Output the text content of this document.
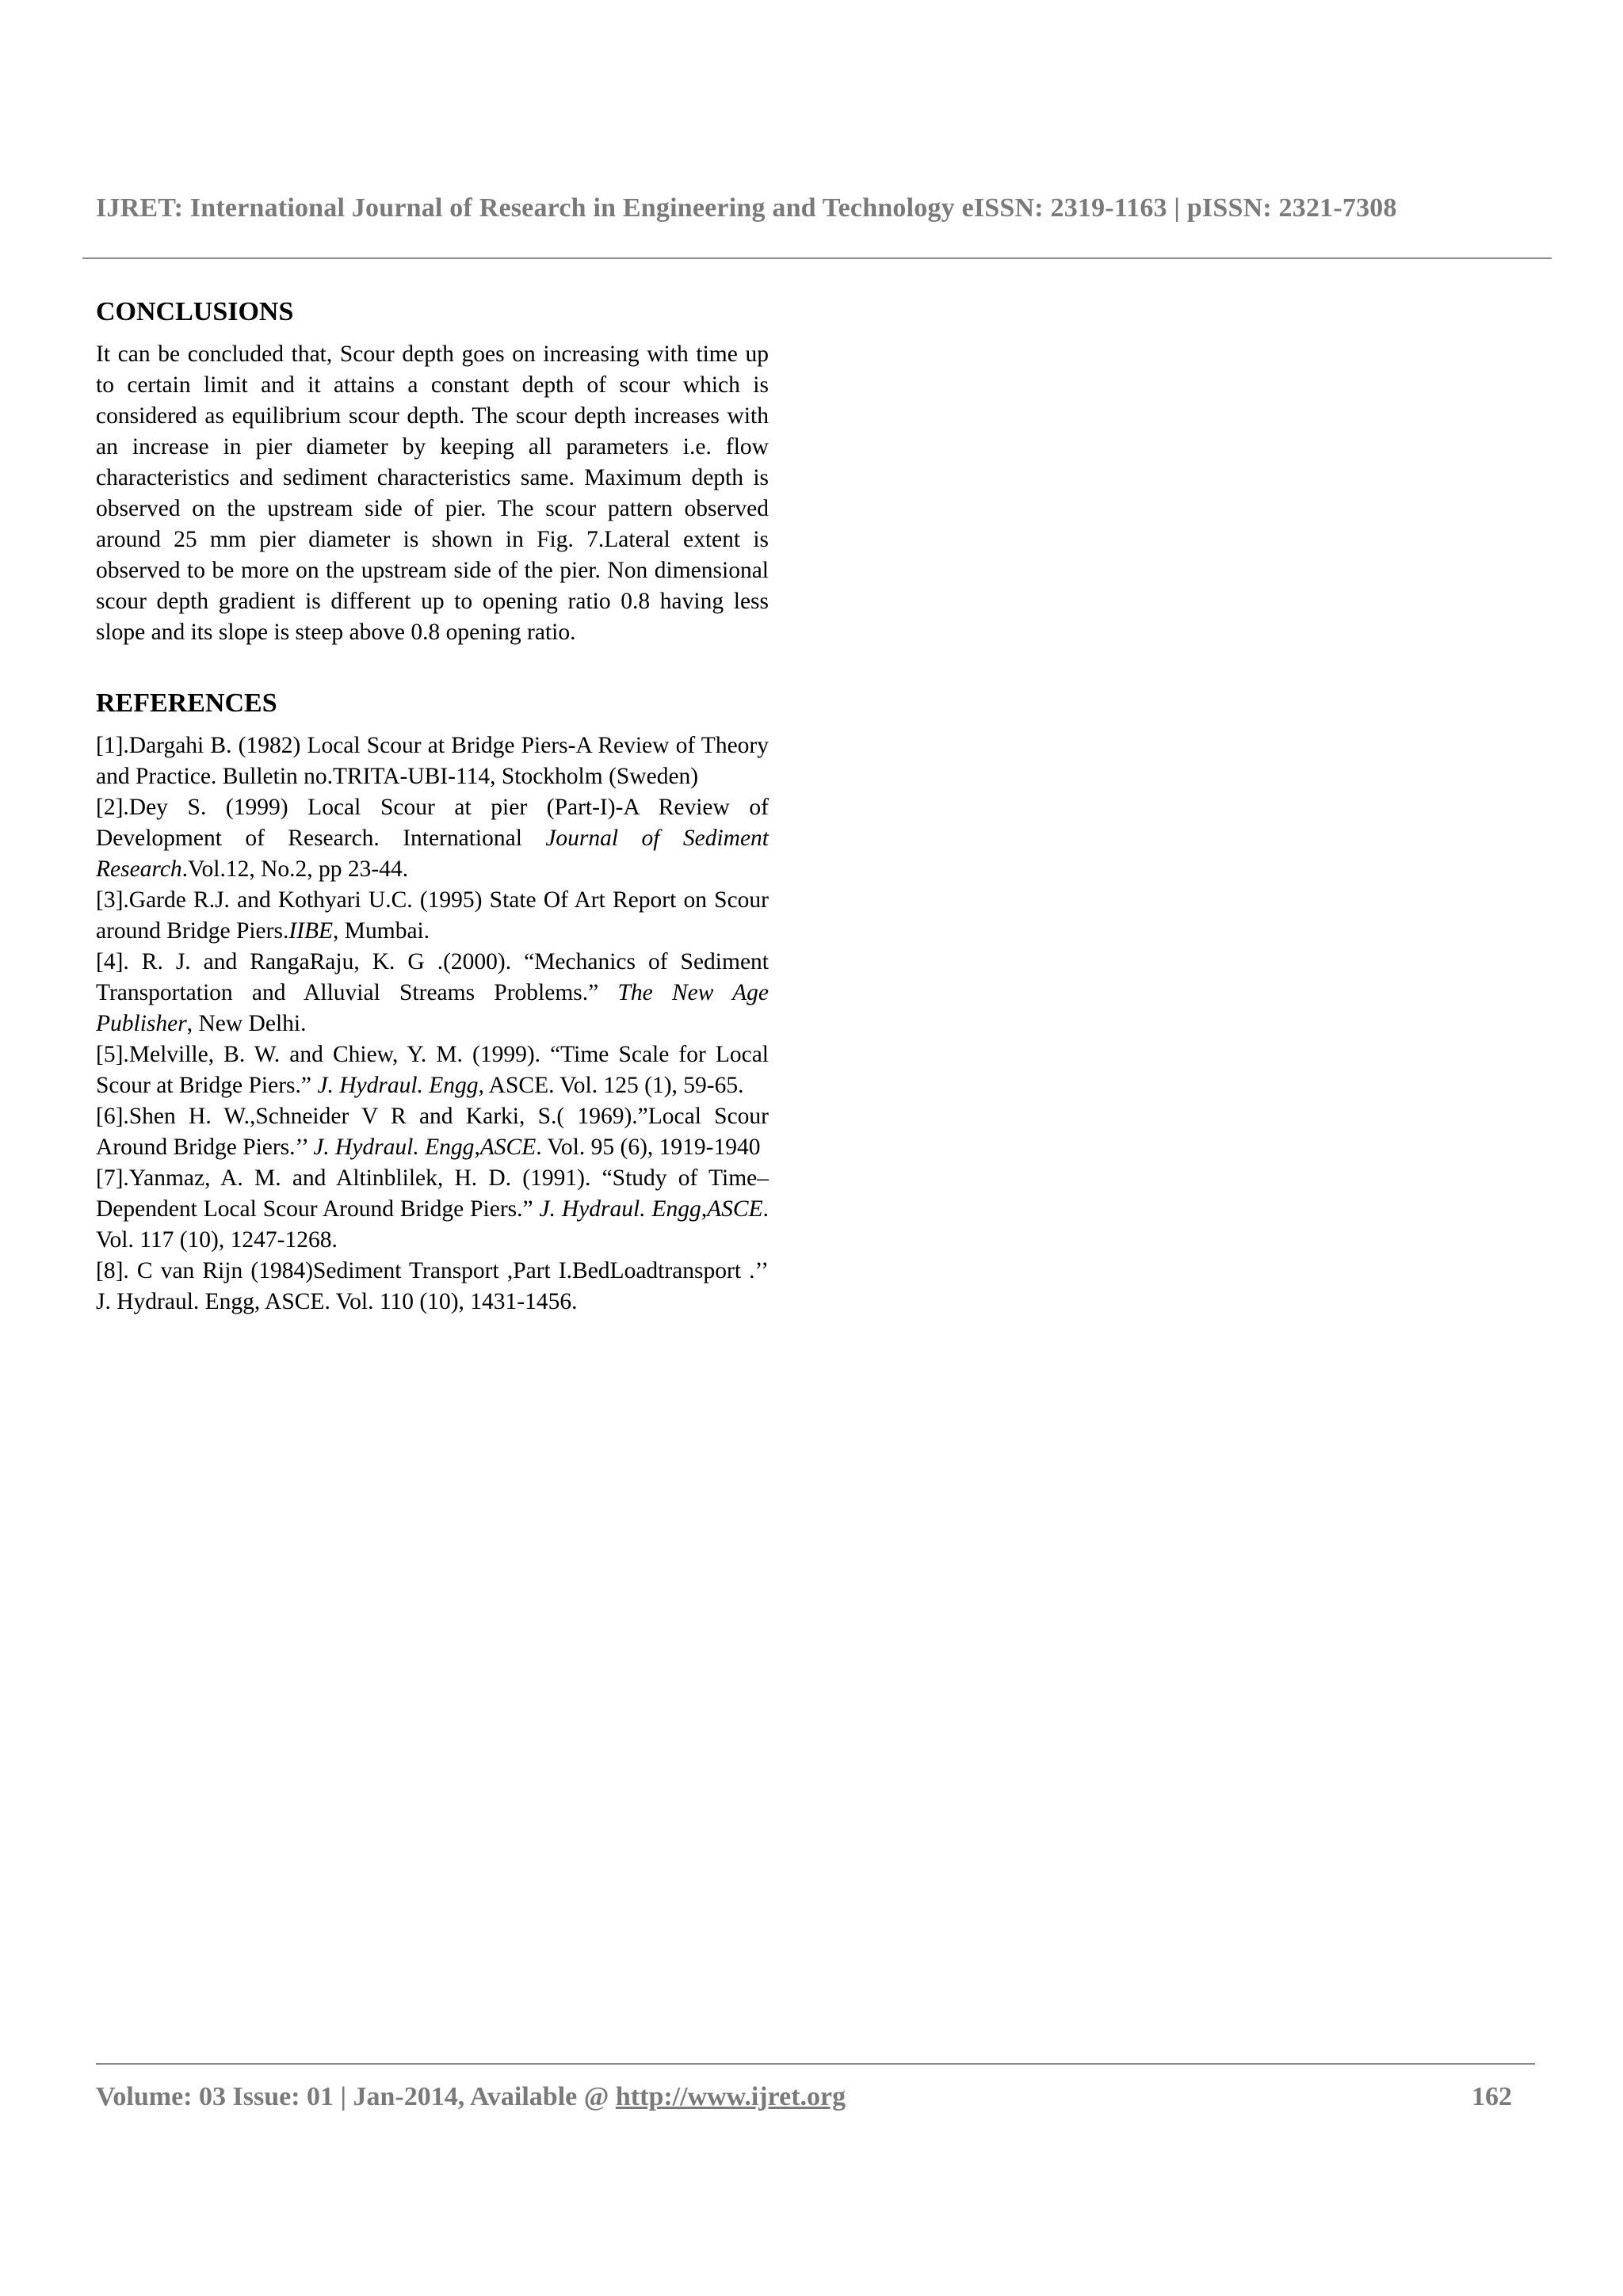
IJRET: International Journal of Research in Engineering and Technology eISSN: 2319-1163 | pISSN: 2321-7308
CONCLUSIONS

It can be concluded that, Scour depth goes on increasing with time up to certain limit and it attains a constant depth of scour which is considered as equilibrium scour depth. The scour depth increases with an increase in pier diameter by keeping all parameters i.e. flow characteristics and sediment characteristics same. Maximum depth is observed on the upstream side of pier. The scour pattern observed around 25 mm pier diameter is shown in Fig. 7.Lateral extent is observed to be more on the upstream side of the pier. Non dimensional scour depth gradient is different up to opening ratio 0.8 having less slope and its slope is steep above 0.8 opening ratio.

REFERENCES

[1].Dargahi B. (1982) Local Scour at Bridge Piers-A Review of Theory and Practice. Bulletin no.TRITA-UBI-114, Stockholm (Sweden)

[2].Dey S. (1999) Local Scour at pier (Part-I)-A Review of Development of Research. International Journal of Sediment Research.Vol.12, No.2, pp 23-44.

[3].Garde R.J. and Kothyari U.C. (1995) State Of Art Report on Scour around Bridge Piers.IIBE, Mumbai.

[4]. R. J. and RangaRaju, K. G .(2000). “Mechanics of Sediment Transportation and Alluvial Streams Problems.” The New Age Publisher, New Delhi.

[5].Melville, B. W. and Chiew, Y. M. (1999). “Time Scale for Local Scour at Bridge Piers.” J. Hydraul. Engg, ASCE. Vol. 125 (1), 59-65.

[6].Shen H. W.,Schneider V R and Karki, S.( 1969).”Local Scour Around Bridge Piers.’’ J. Hydraul. Engg,ASCE. Vol. 95 (6), 1919-1940

[7].Yanmaz, A. M. and Altinblilek, H. D. (1991). “Study of Time–Dependent Local Scour Around Bridge Piers.” J. Hydraul. Engg,ASCE. Vol. 117 (10), 1247-1268.

[8]. C van Rijn (1984)Sediment Transport ,Part I.BedLoadtransport .’’ J. Hydraul. Engg, ASCE. Vol. 110 (10), 1431-1456.

Volume: 03 Issue: 01 | Jan-2014, Available @ http://www.ijret.org	162
